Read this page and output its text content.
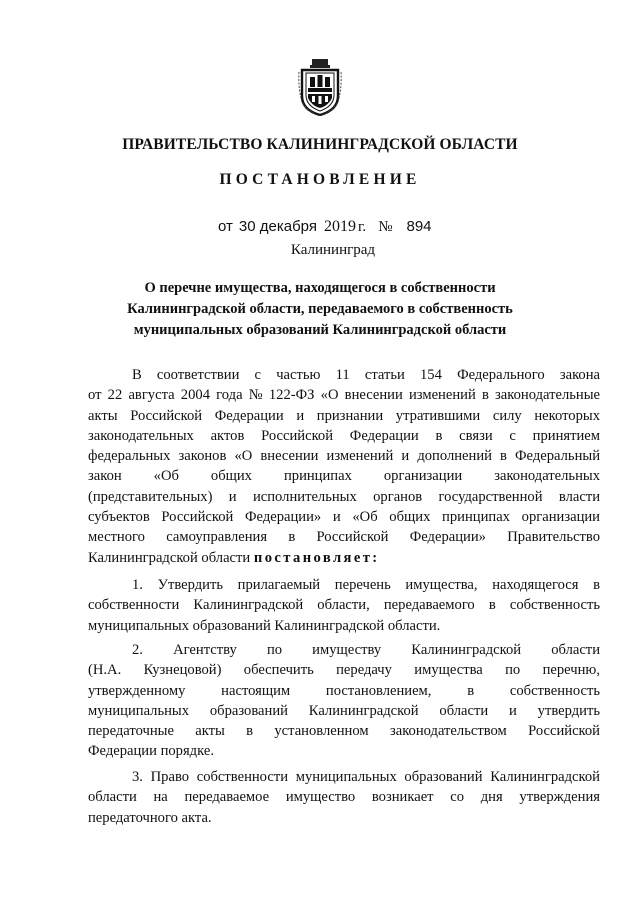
ПРАВИТЕЛЬСТВО КАЛИНИНГРАДСКОЙ ОБЛАСТИ
ПОСТАНОВЛЕНИЕ
от 30 декабря 2019 г. № 894
Калининград
О перечне имущества, находящегося в собственности
Калининградской области, передаваемого в собственность
муниципальных образований Калининградской области
В соответствии с частью 11 статьи 154 Федерального закона
от 22 августа 2004 года № 122-ФЗ «О внесении изменений в законодательные
акты Российской Федерации и признании утратившими силу некоторых
законодательных актов Российской Федерации в связи с принятием
федеральных законов «О внесении изменений и дополнений в Федеральный
закон «Об общих принципах организации законодательных
(представительных) и исполнительных органов государственной власти
субъектов Российской Федерации» и «Об общих принципах организации
местного самоуправления в Российской Федерации» Правительство
Калининградской области постановляет:
1. Утвердить прилагаемый перечень имущества, находящегося в
собственности Калининградской области, передаваемого в собственность
муниципальных образований Калининградской области.
2. Агентству по имуществу Калининградской области
(Н.А. Кузнецовой) обеспечить передачу имущества по перечню,
утвержденному настоящим постановлением, в собственность
муниципальных образований Калининградской области и утвердить
передаточные акты в установленном законодательством Российской
Федерации порядке.
3. Право собственности муниципальных образований Калининградской
области на передаваемое имущество возникает со дня утверждения
передаточного акта.
